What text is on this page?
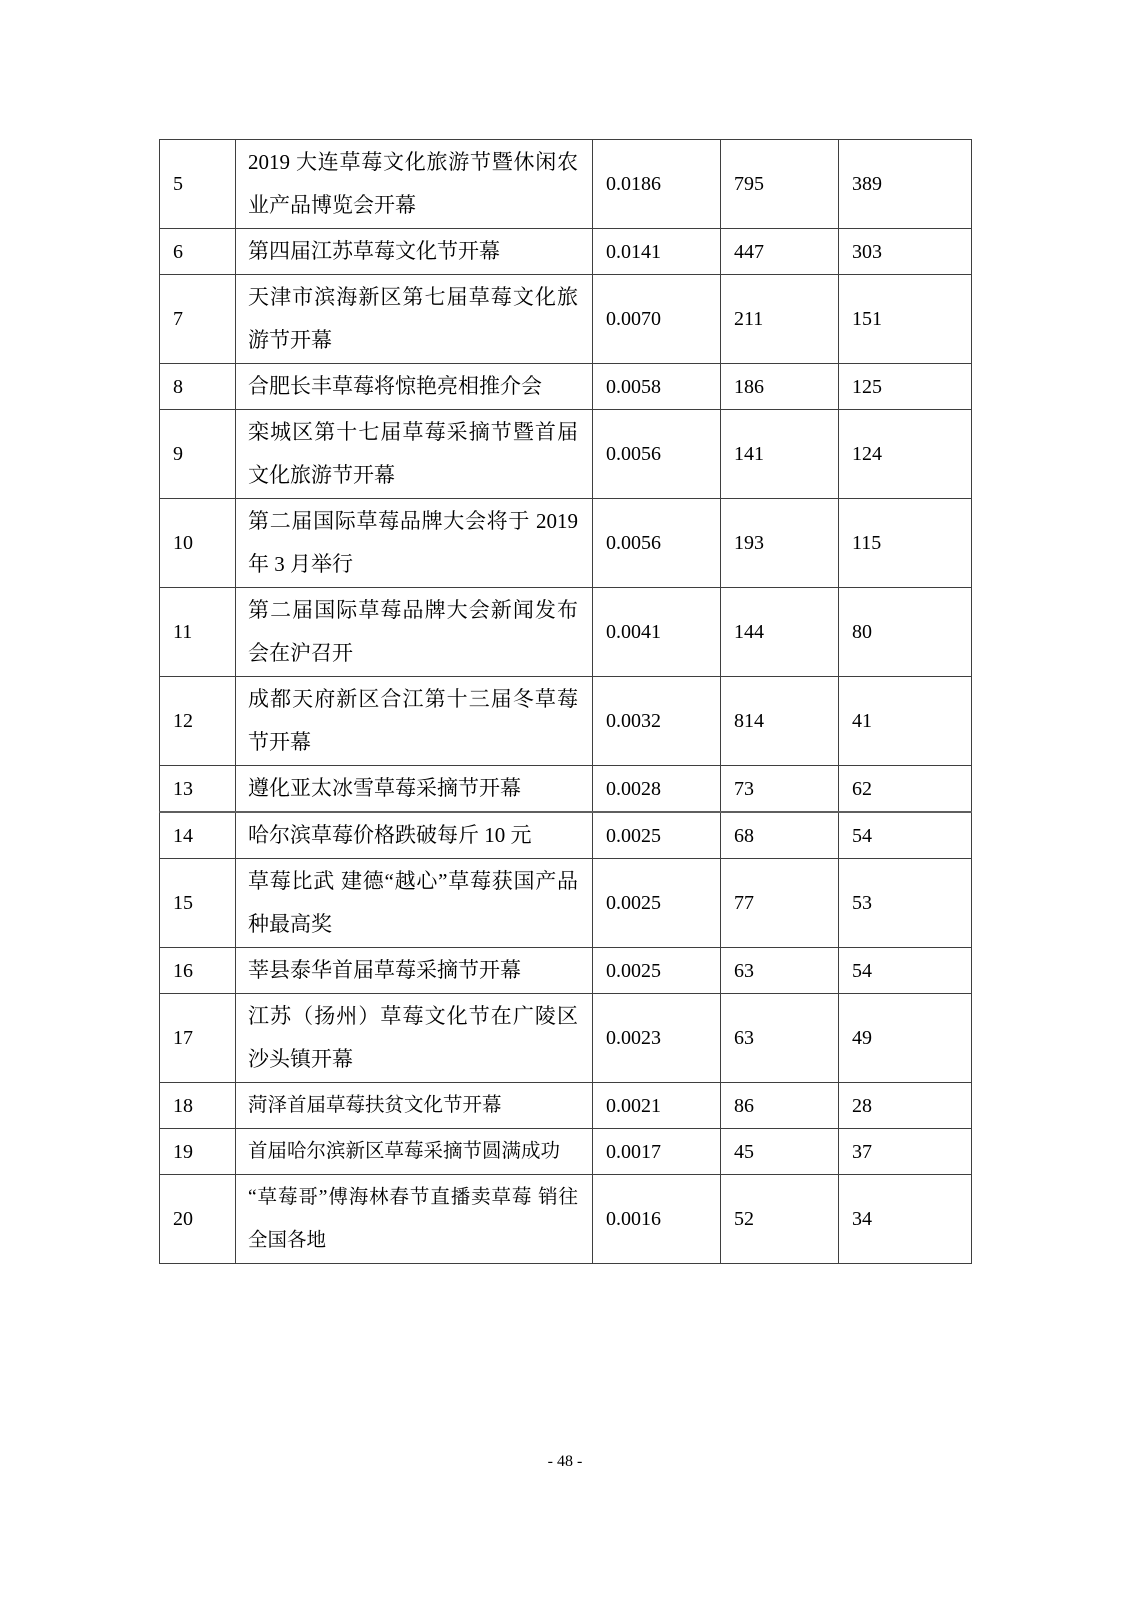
5	2019 大连草莓文化旅游节暨休闲农业产品博览会开幕	0.0186	795	389
6	第四届江苏草莓文化节开幕	0.0141	447	303
7	天津市滨海新区第七届草莓文化旅游节开幕	0.0070	211	151
8	合肥长丰草莓将惊艳亮相推介会	0.0058	186	125
9	栾城区第十七届草莓采摘节暨首届文化旅游节开幕	0.0056	141	124
10	第二届国际草莓品牌大会将于 2019 年 3 月举行	0.0056	193	115
11	第二届国际草莓品牌大会新闻发布会在沪召开	0.0041	144	80
12	成都天府新区合江第十三届冬草莓节开幕	0.0032	814	41
13	遵化亚太冰雪草莓采摘节开幕	0.0028	73	62
14	哈尔滨草莓价格跌破每斤 10 元	0.0025	68	54
15	草莓比武 建德“越心”草莓获国产品种最高奖	0.0025	77	53
16	莘县泰华首届草莓采摘节开幕	0.0025	63	54
17	江苏（扬州）草莓文化节在广陵区沙头镇开幕	0.0023	63	49
18	菏泽首届草莓扶贫文化节开幕	0.0021	86	28
19	首届哈尔滨新区草莓采摘节圆满成功	0.0017	45	37
20	“草莓哥”傅海林春节直播卖草莓 销往全国各地	0.0016	52	34
- 48 -
